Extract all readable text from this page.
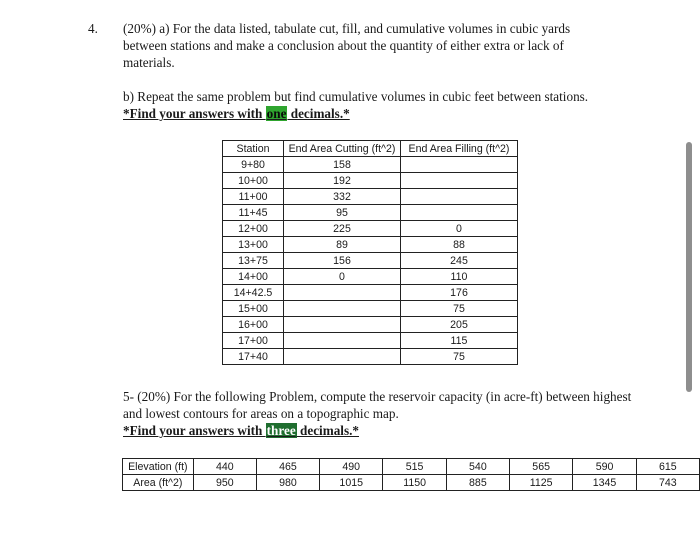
4. (20%) a) For the data listed, tabulate cut, fill, and cumulative volumes in cubic yards between stations and make a conclusion about the quantity of either extra or lack of materials.
b) Repeat the same problem but find cumulative volumes in cubic feet between stations.
*Find your answers with one decimals.*
Station	End Area Cutting (ft^2)	End Area Filling (ft^2)
9+80	158	
10+00	192	
11+00	332	
11+45	95	
12+00	225	0
13+00	89	88
13+75	156	245
14+00	0	110
14+42.5		176
15+00		75
16+00		205
17+00		115
17+40		75
5- (20%) For the following Problem, compute the reservoir capacity (in acre-ft) between highest and lowest contours for areas on a topographic map.
*Find your answers with three decimals.*
Elevation (ft)	440	465	490	515	540	565	590	615
Area (ft^2)	950	980	1015	1150	885	1125	1345	743
